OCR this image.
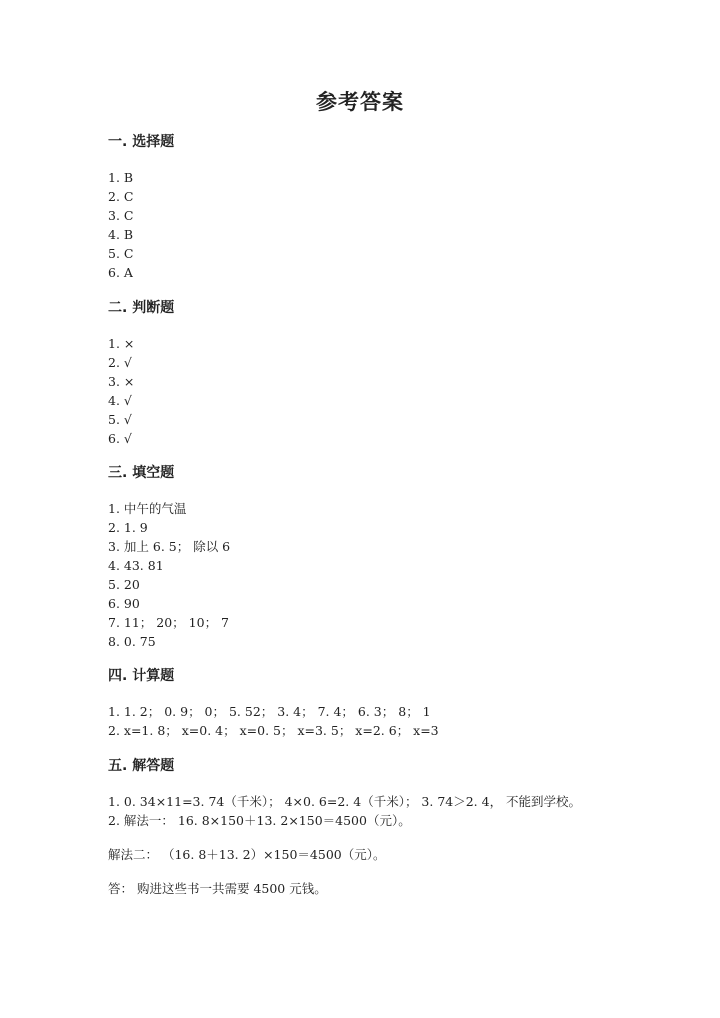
参考答案
一. 选择题
1. B
2. C
3. C
4. B
5. C
6. A
二. 判断题
1. ×
2. √
3. ×
4. √
5. √
6. √
三. 填空题
1. 中午的气温
2. 1. 9
3. 加上 6. 5； 除以 6
4. 43. 81
5. 20
6. 90
7. 11； 20； 10； 7
8. 0. 75
四. 计算题
1. 1. 2； 0. 9； 0； 5. 52； 3. 4； 7. 4； 6. 3； 8； 1
2. x=1. 8； x=0. 4； x=0. 5； x=3. 5； x=2. 6； x=3
五. 解答题
1. 0. 34×11=3. 74（千米）； 4×0. 6=2. 4（千米）； 3. 74＞2. 4， 不能到学校。
2. 解法一： 16. 8×150＋13. 2×150＝4500（元）。
解法二： （16. 8＋13. 2）×150＝4500（元）。
答： 购进这些书一共需要 4500 元钱。
